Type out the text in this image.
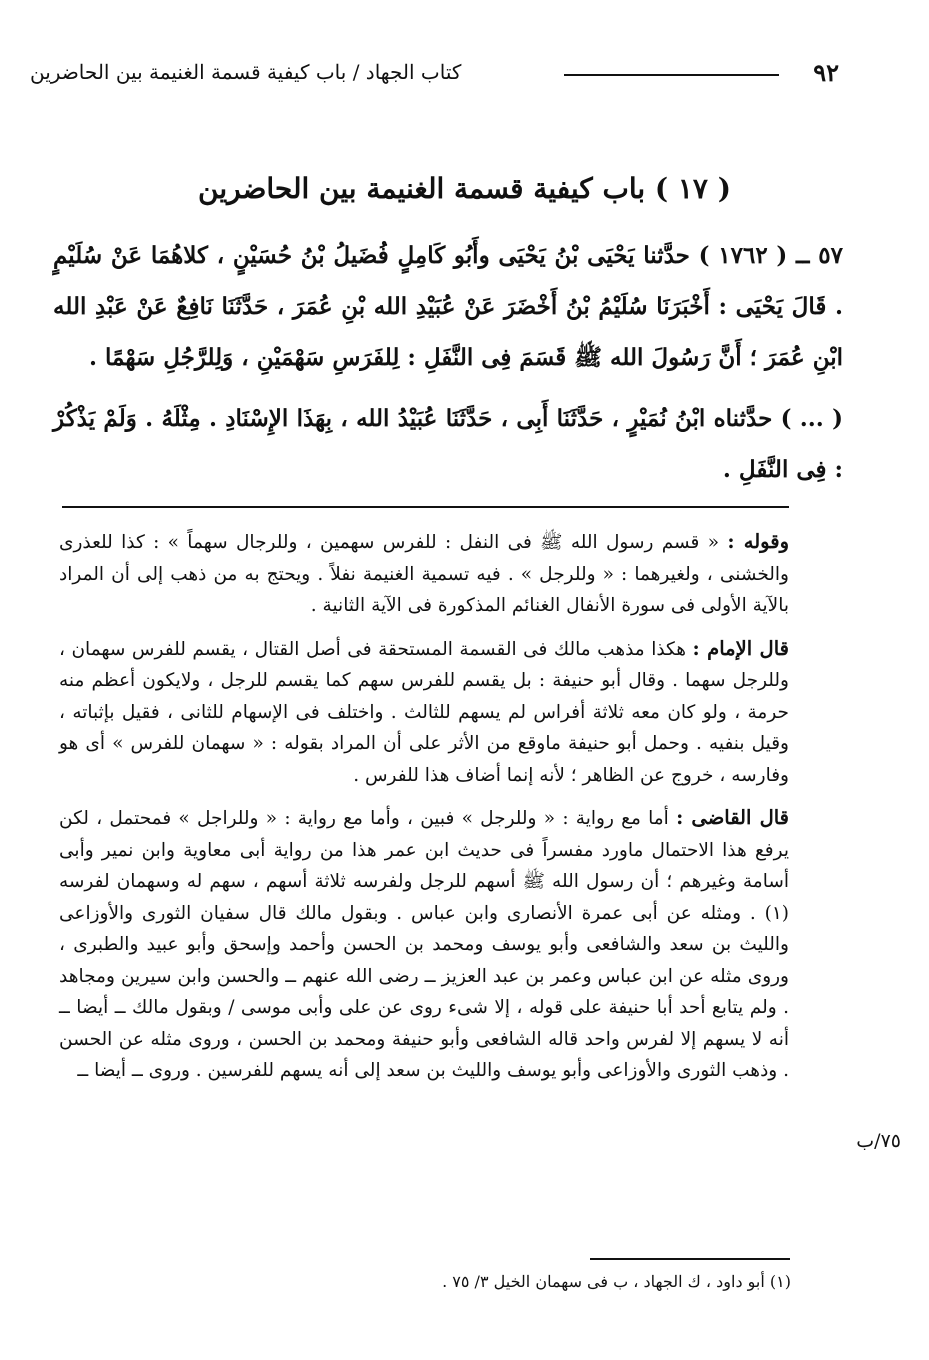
٩٢
كتاب الجهاد / باب كيفية قسمة الغنيمة بين الحاضرين
( ١٧ ) باب كيفية قسمة الغنيمة بين الحاضرين

٥٧ ــ ( ١٧٦٢ ) حدَّثنا يَحْيَى بْنُ يَحْيَى وأَبُو كَامِلٍ فُضَيلُ بْنُ حُسَيْنٍ ، كلاهُمَا عَنْ سُلَيْمٍ . قَالَ يَحْيَى : أَخْبَرَنَا سُلَيْمُ بْنُ أَخْضَرَ عَنْ عُبَيْدِ الله بْنِ عُمَرَ ، حَدَّثَنَا نَافِعٌ عَنْ عَبْدِ الله ابْنِ عُمَرَ ؛ أَنَّ رَسُولَ الله ﷺ قَسَمَ فِى النَّفَلِ : لِلفَرَسِ سَهْمَيْنِ ، وَلِلرَّجُلِ سَهْمًا .

( ... ) حدَّثناه ابْنُ نُمَيْرٍ ، حَدَّثَنَا أَبِى ، حَدَّثَنَا عُبَيْدُ الله ، بِهَذَا الإِسْنَادِ . مِثْلَهُ . وَلَمْ يَذْكُرْ : فِى النَّفَلِ .

وقوله : « قسم رسول الله ﷺ فى النفل : للفرس سهمين ، وللرجال سهماً » : كذا للعذرى والخشنى ، ولغيرهما : « وللرجل » . فيه تسمية الغنيمة نفلاً . ويحتج به من ذهب إلى أن المراد بالآية الأولى فى سورة الأنفال الغنائم المذكورة فى الآية الثانية .

قال الإمام : هكذا مذهب مالك فى القسمة المستحقة فى أصل القتال ، يقسم للفرس سهمان ، وللرجل سهما . وقال أبو حنيفة : بل يقسم للفرس سهم كما يقسم للرجل ، ولايكون أعظم منه حرمة ، ولو كان معه ثلاثة أفراس لم يسهم للثالث . واختلف فى الإسهام للثانى ، فقيل بإثباته ، وقيل بنفيه . وحمل أبو حنيفة ماوقع من الأثر على أن المراد بقوله : « سهمان للفرس » أى هو وفارسه ، خروج عن الظاهر ؛ لأنه إنما أضاف هذا للفرس .

قال القاضى : أما مع رواية : « وللرجل » فبين ، وأما مع رواية : « وللراجل » فمحتمل ، لكن يرفع هذا الاحتمال ماورد مفسراً فى حديث ابن عمر هذا من رواية أبى معاوية وابن نمير وأبى أسامة وغيرهم ؛ أن رسول الله ﷺ أسهم للرجل ولفرسه ثلاثة أسهم ، سهم له وسهمان لفرسه (١) . ومثله عن أبى عمرة الأنصارى وابن عباس . وبقول مالك قال سفيان الثورى والأوزاعى والليث بن سعد والشافعى وأبو يوسف ومحمد بن الحسن وأحمد وإسحق وأبو عبيد والطبرى ، وروى مثله عن ابن عباس وعمر بن عبد العزيز ــ رضى الله عنهم ــ والحسن وابن سيرين ومجاهد . ولم يتابع أحد أبا حنيفة على قوله ، إلا شىء روى عن على وأبى موسى / وبقول مالك ــ أيضا ــ أنه لا يسهم إلا لفرس واحد قاله الشافعى وأبو حنيفة ومحمد بن الحسن ، وروى مثله عن الحسن . وذهب الثورى والأوزاعى وأبو يوسف والليث بن سعد إلى أنه يسهم للفرسين . وروى ــ أيضا ــ

٧٥/ب
(١) أبو داود ، ك الجهاد ، ب فى سهمان الخيل ٣/ ٧٥ .
